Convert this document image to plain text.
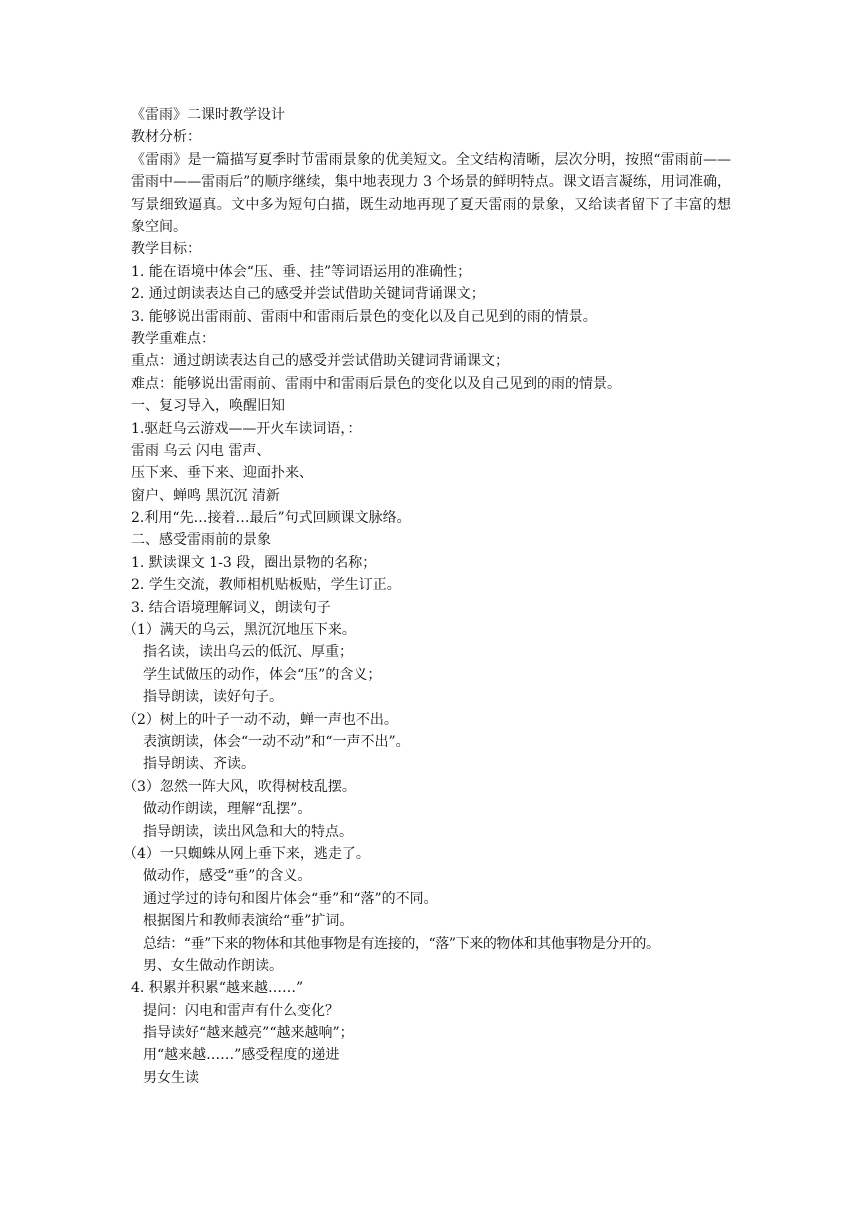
《雷雨》二课时教学设计
教材分析：
《雷雨》是一篇描写夏季时节雷雨景象的优美短文。全文结构清晰，层次分明，按照“雷雨前——雷雨中——雷雨后”的顺序继续，集中地表现力 3 个场景的鲜明特点。课文语言凝练，用词准确，写景细致逼真。文中多为短句白描，既生动地再现了夏天雷雨的景象，又给读者留下了丰富的想象空间。
教学目标：
1. 能在语境中体会“压、垂、挂”等词语运用的准确性；
2. 通过朗读表达自己的感受并尝试借助关键词背诵课文；
3. 能够说出雷雨前、雷雨中和雷雨后景色的变化以及自己见到的雨的情景。
教学重难点：
重点：通过朗读表达自己的感受并尝试借助关键词背诵课文；
难点：能够说出雷雨前、雷雨中和雷雨后景色的变化以及自己见到的雨的情景。
一、复习导入，唤醒旧知
1.驱赶乌云游戏——开火车读词语，：
雷雨 乌云 闪电 雷声、
压下来、垂下来、迎面扑来、
窗户、蝉鸣 黑沉沉 清新
2.利用“先…接着…最后”句式回顾课文脉络。
二、感受雷雨前的景象
1. 默读课文 1-3 段，圈出景物的名称；
2. 学生交流，教师相机贴板贴，学生订正。
3. 结合语境理解词义，朗读句子
（1）满天的乌云，黑沉沉地压下来。
指名读，读出乌云的低沉、厚重；
学生试做压的动作，体会“压”的含义；
指导朗读，读好句子。
（2）树上的叶子一动不动，蝉一声也不出。
表演朗读，体会“一动不动”和“一声不出”。
指导朗读、齐读。
（3）忽然一阵大风，吹得树枝乱摆。
做动作朗读，理解“乱摆”。
指导朗读，读出风急和大的特点。
（4）一只蜘蛛从网上垂下来，逃走了。
做动作，感受“垂”的含义。
通过学过的诗句和图片体会“垂”和“落”的不同。
根据图片和教师表演给“垂”扩词。
总结：“垂”下来的物体和其他事物是有连接的，“落”下来的物体和其他事物是分开的。
男、女生做动作朗读。
4. 积累并积累“越来越……”
提问：闪电和雷声有什么变化？
指导读好“越来越亮”“越来越响”；
用“越来越……”感受程度的递进
男女生读
